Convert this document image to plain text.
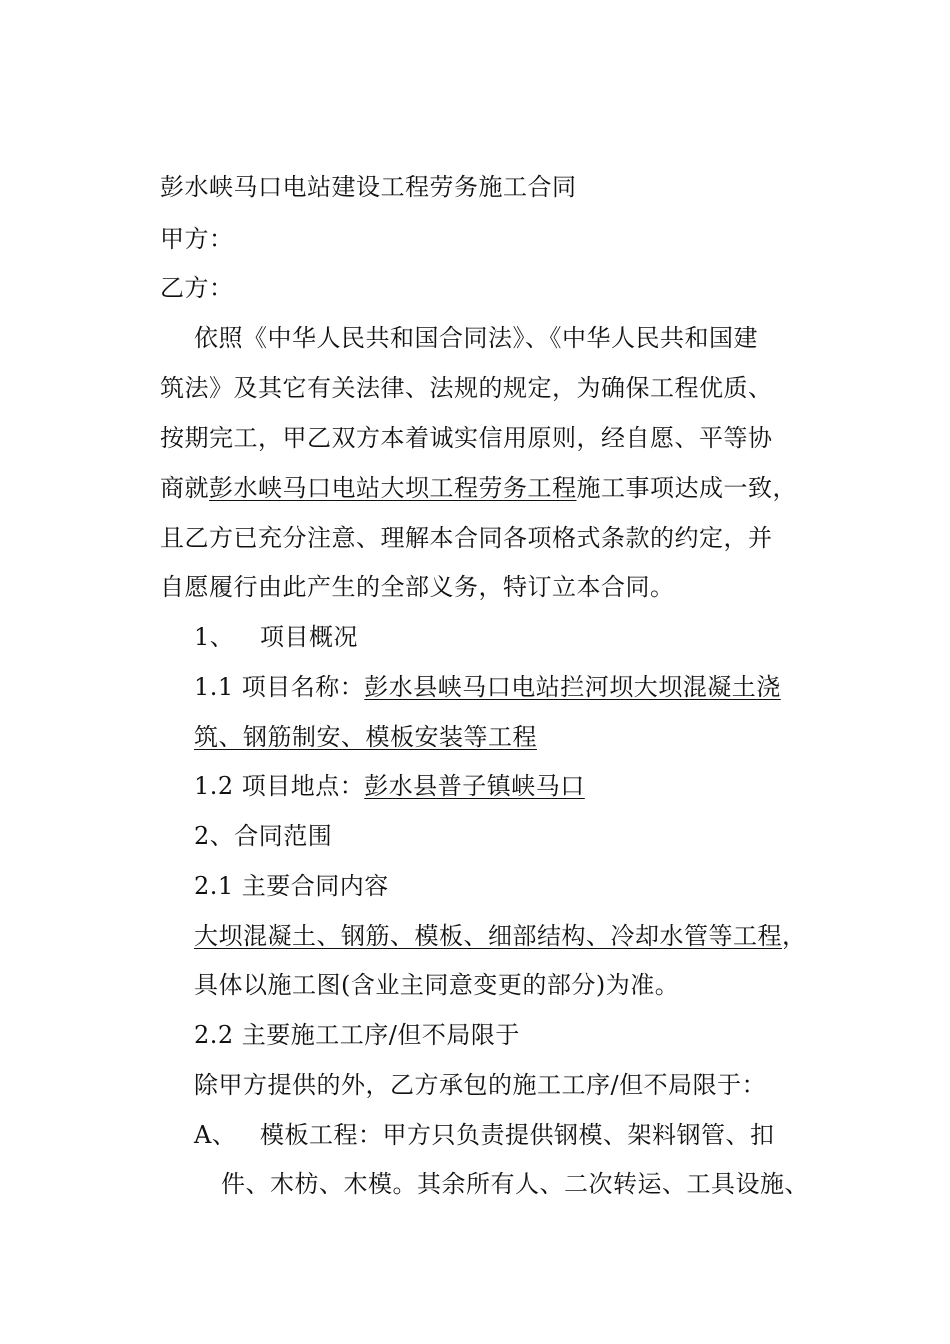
彭水峡马口电站建设工程劳务施工合同
甲方：
乙方：
依照《中华人民共和国合同法》、《中华人民共和国建
筑法》及其它有关法律、法规的规定，为确保工程优质、
按期完工，甲乙双方本着诚实信用原则，经自愿、平等协
商就彭水峡马口电站大坝工程劳务工程施工事项达成一致，
且乙方已充分注意、理解本合同各项格式条款的约定，并
自愿履行由此产生的全部义务，特订立本合同。
1、 项目概况
1.1 项目名称：彭水县峡马口电站拦河坝大坝混凝土浇
筑、钢筋制安、模板安装等工程
1.2 项目地点：彭水县普子镇峡马口
2、合同范围
2.1 主要合同内容
大坝混凝土、钢筋、模板、细部结构、冷却水管等工程，
具体以施工图(含业主同意变更的部分)为准。
2.2 主要施工工序/但不局限于
除甲方提供的外，乙方承包的施工工序/但不局限于：
A、 模板工程：甲方只负责提供钢模、架料钢管、扣
件、木枋、木模。其余所有人、二次转运、工具设施、
